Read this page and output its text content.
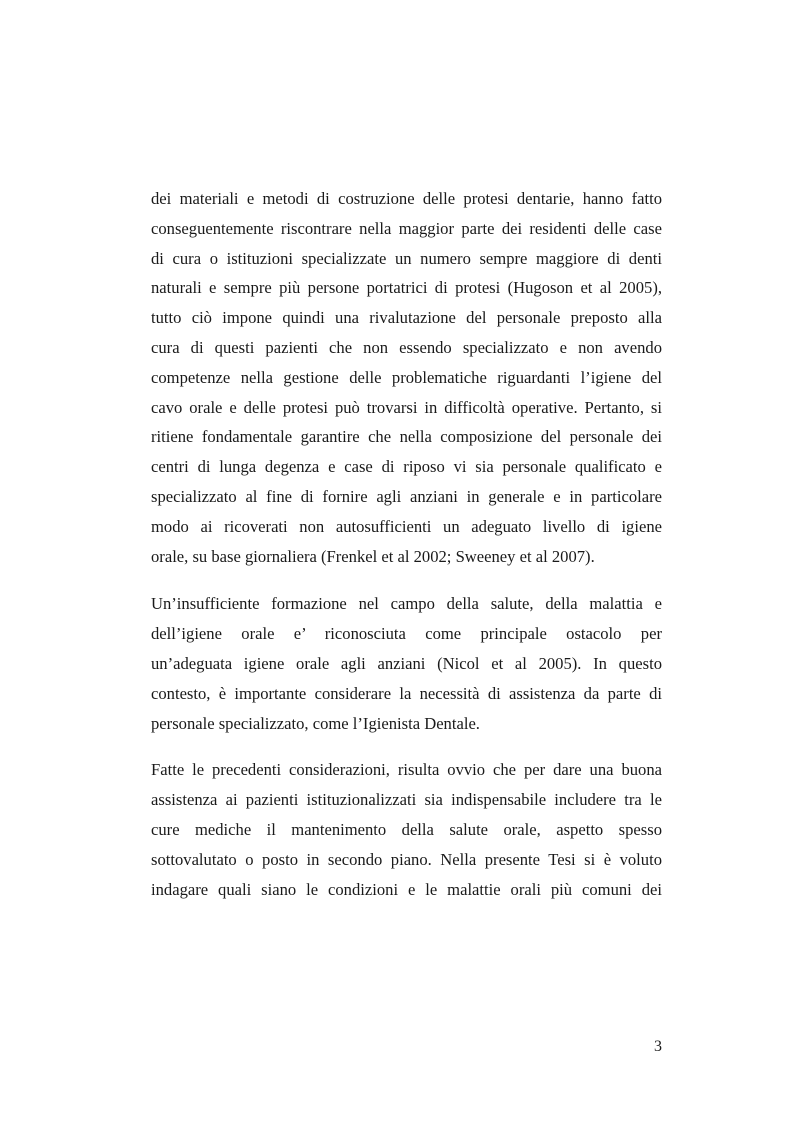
dei materiali e metodi di costruzione delle protesi dentarie, hanno fatto
conseguentemente riscontrare nella maggior parte dei residenti delle case
di cura o istituzioni specializzate un numero sempre maggiore di denti
naturali e sempre più persone portatrici di protesi (Hugoson et al 2005),
tutto ciò impone quindi una rivalutazione del personale preposto alla
cura di questi pazienti che non essendo specializzato e non avendo
competenze nella gestione delle problematiche riguardanti l’igiene del
cavo orale e delle protesi può trovarsi in difficoltà operative. Pertanto, si
ritiene fondamentale garantire che nella composizione del personale dei
centri di lunga degenza e case di riposo vi sia personale qualificato e
specializzato al fine di fornire agli anziani in generale e in particolare
modo ai ricoverati non autosufficienti un adeguato livello di igiene
orale, su base giornaliera (Frenkel et al 2002; Sweeney et al 2007).

Un’insufficiente formazione nel campo della salute, della malattia e
dell’igiene orale e’ riconosciuta come principale ostacolo per
un’adeguata igiene orale agli anziani (Nicol et al 2005). In questo
contesto, è importante considerare la necessità di assistenza da parte di
personale specializzato, come l’Igienista Dentale.

Fatte le precedenti considerazioni, risulta ovvio che per dare una buona
assistenza ai pazienti istituzionalizzati sia indispensabile includere tra le
cure mediche il mantenimento della salute orale, aspetto spesso
sottovalutato o posto in secondo piano. Nella presente Tesi si è voluto
indagare quali siano le condizioni e le malattie orali più comuni dei

3
